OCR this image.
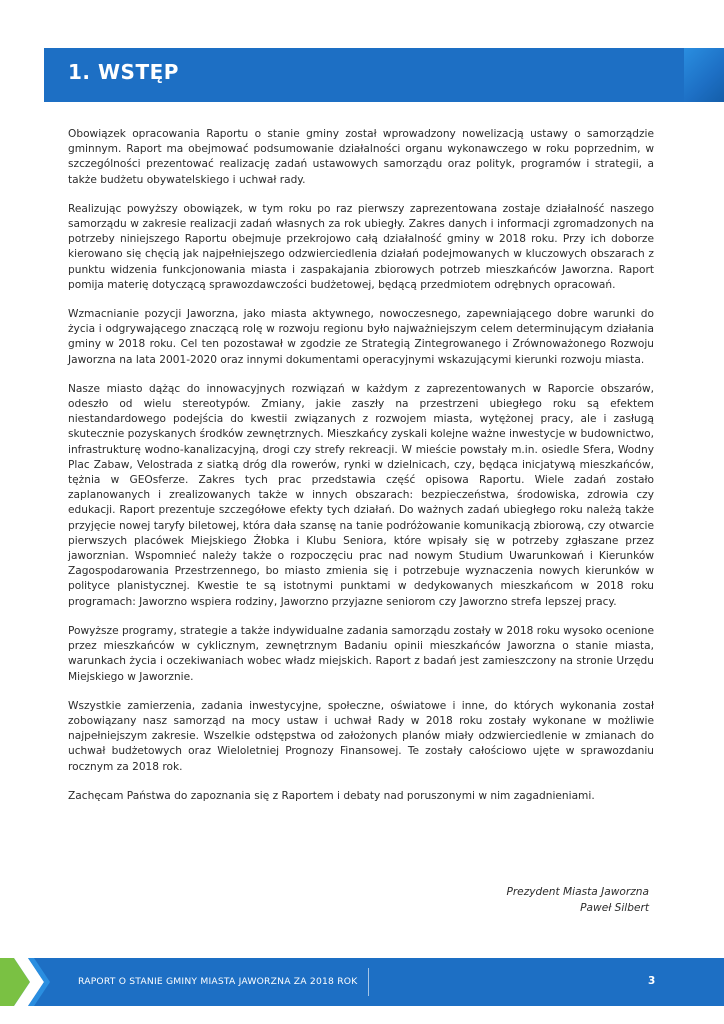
1. WSTĘP

Obowiązek opracowania Raportu o stanie gminy został wprowadzony nowelizacją ustawy o samorządzie gminnym. Raport ma obejmować podsumowanie działalności organu wykonawczego w roku poprzednim, w szczególności prezentować realizację zadań ustawowych samorządu oraz polityk, programów i strategii, a także budżetu obywatelskiego i uchwał rady.

Realizując powyższy obowiązek, w tym roku po raz pierwszy zaprezentowana zostaje działalność naszego samorządu w zakresie realizacji zadań własnych za rok ubiegły. Zakres danych i informacji zgromadzonych na potrzeby niniejszego Raportu obejmuje przekrojowo całą działalność gminy w 2018 roku. Przy ich doborze kierowano się chęcią jak najpełniejszego odzwierciedlenia działań podejmowanych w kluczowych obszarach z punktu widzenia funkcjonowania miasta i zaspakajania zbiorowych potrzeb mieszkańców Jaworzna. Raport pomija materię dotyczącą sprawozdawczości budżetowej, będącą przedmiotem odrębnych opracowań.

Wzmacnianie pozycji Jaworzna, jako miasta aktywnego, nowoczesnego, zapewniającego dobre warunki do życia i odgrywającego znaczącą rolę w rozwoju regionu było najważniejszym celem determinującym działania gminy w 2018 roku. Cel ten pozostawał w zgodzie ze Strategią Zintegrowanego i Zrównoważonego Rozwoju Jaworzna na lata 2001-2020 oraz innymi dokumentami operacyjnymi wskazującymi kierunki rozwoju miasta.

Nasze miasto dążąc do innowacyjnych rozwiązań w każdym z zaprezentowanych w Raporcie obszarów, odeszło od wielu stereotypów. Zmiany, jakie zaszły na przestrzeni ubiegłego roku są efektem niestandardowego podejścia do kwestii związanych z rozwojem miasta, wytężonej pracy, ale i zasługą skutecznie pozyskanych środków zewnętrznych. Mieszkańcy zyskali kolejne ważne inwestycje w budownictwo, infrastrukturę wodno-kanalizacyjną, drogi czy strefy rekreacji. W mieście powstały m.in. osiedle Sfera, Wodny Plac Zabaw, Velostrada z siatką dróg dla rowerów, rynki w dzielnicach, czy, będąca inicjatywą mieszkańców, tężnia w GEOsferze. Zakres tych prac przedstawia część opisowa Raportu. Wiele zadań zostało zaplanowanych i zrealizowanych także w innych obszarach: bezpieczeństwa, środowiska, zdrowia czy edukacji. Raport prezentuje szczegółowe efekty tych działań. Do ważnych zadań ubiegłego roku należą także przyjęcie nowej taryfy biletowej, która dała szansę na tanie podróżowanie komunikacją zbiorową, czy otwarcie pierwszych placówek Miejskiego Żłobka i Klubu Seniora, które wpisały się w potrzeby zgłaszane przez jaworznian. Wspomnieć należy także o rozpoczęciu prac nad nowym Studium Uwarunkowań i Kierunków Zagospodarowania Przestrzennego, bo miasto zmienia się i potrzebuje wyznaczenia nowych kierunków w polityce planistycznej. Kwestie te są istotnymi punktami w dedykowanych mieszkańcom w 2018 roku programach: Jaworzno wspiera rodziny, Jaworzno przyjazne seniorom czy Jaworzno strefa lepszej pracy.

Powyższe programy, strategie a także indywidualne zadania samorządu zostały w 2018 roku wysoko ocenione przez mieszkańców w cyklicznym, zewnętrznym Badaniu opinii mieszkańców Jaworzna o stanie miasta, warunkach życia i oczekiwaniach wobec władz miejskich. Raport z badań jest zamieszczony na stronie Urzędu Miejskiego w Jaworznie.

Wszystkie zamierzenia, zadania inwestycyjne, społeczne, oświatowe i inne, do których wykonania został zobowiązany nasz samorząd na mocy ustaw i uchwał Rady w 2018 roku zostały wykonane w możliwie najpełniejszym zakresie. Wszelkie odstępstwa od założonych planów miały odzwierciedlenie w zmianach do uchwał budżetowych oraz Wieloletniej Prognozy Finansowej. Te zostały całościowo ujęte w sprawozdaniu rocznym za 2018 rok.

Zachęcam Państwa do zapoznania się z Raportem i debaty nad poruszonymi w nim zagadnieniami.

Prezydent Miasta Jaworzna
Paweł Silbert
RAPORT O STANIE GMINY MIASTA JAWORZNA ZA 2018 ROK	3
